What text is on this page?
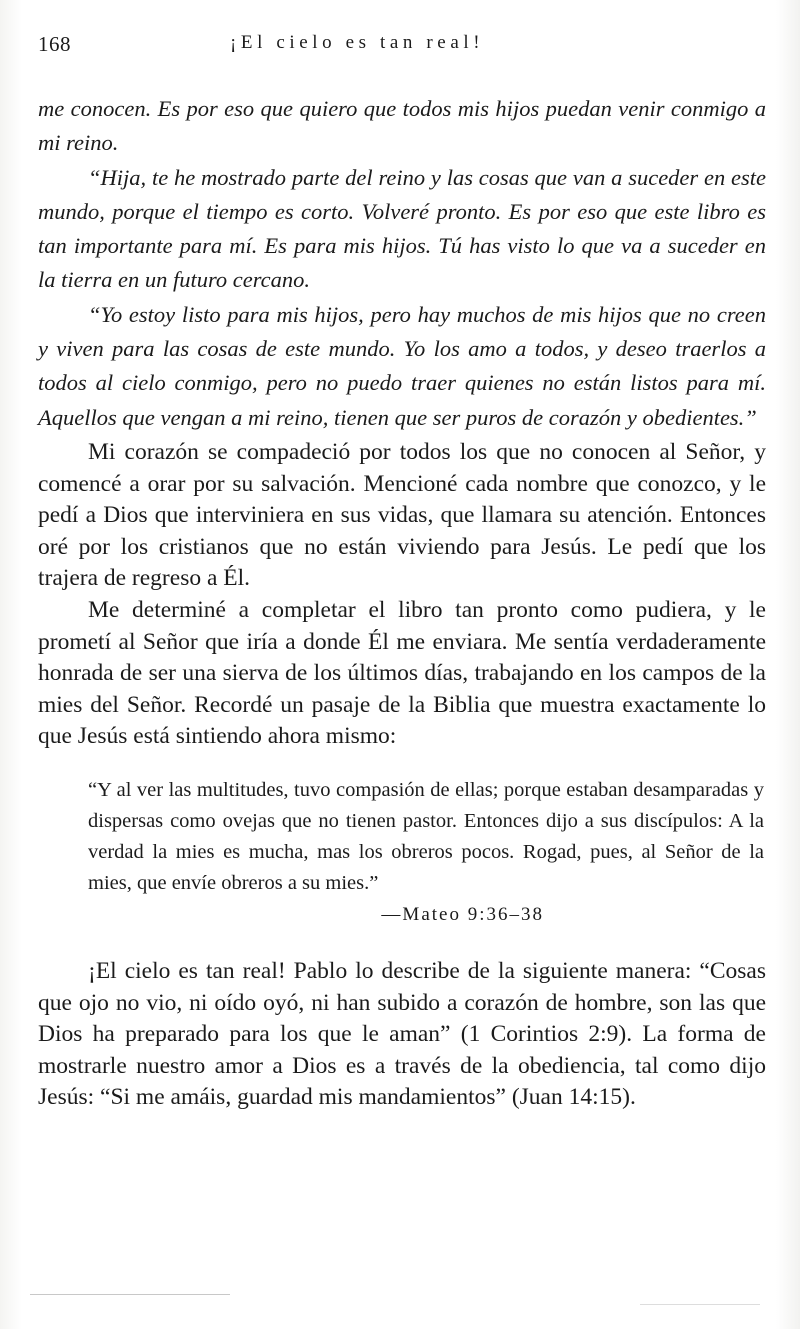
168	¡El cielo es tan real!

me conocen. Es por eso que quiero que todos mis hijos puedan venir conmigo a mi reino.

“Hija, te he mostrado parte del reino y las cosas que van a suceder en este mundo, porque el tiempo es corto. Volveré pronto. Es por eso que este libro es tan importante para mí. Es para mis hijos. Tú has visto lo que va a suceder en la tierra en un futuro cercano.

“Yo estoy listo para mis hijos, pero hay muchos de mis hijos que no creen y viven para las cosas de este mundo. Yo los amo a todos, y deseo traerlos a todos al cielo conmigo, pero no puedo traer quienes no están listos para mí. Aquellos que vengan a mi reino, tienen que ser puros de corazón y obedientes.”

Mi corazón se compadeció por todos los que no conocen al Señor, y comencé a orar por su salvación. Mencioné cada nombre que conozco, y le pedí a Dios que interviniera en sus vidas, que llamara su atención. Entonces oré por los cristianos que no están viviendo para Jesús. Le pedí que los trajera de regreso a Él.

Me determiné a completar el libro tan pronto como pudiera, y le prometí al Señor que iría a donde Él me enviara. Me sentía verdaderamente honrada de ser una sierva de los últimos días, trabajando en los campos de la mies del Señor. Recordé un pasaje de la Biblia que muestra exactamente lo que Jesús está sintiendo ahora mismo:

“Y al ver las multitudes, tuvo compasión de ellas; porque estaban desamparadas y dispersas como ovejas que no tienen pastor. Entonces dijo a sus discípulos: A la verdad la mies es mucha, mas los obreros pocos. Rogad, pues, al Señor de la mies, que envíe obreros a su mies.”

—Mateo 9:36–38

¡El cielo es tan real! Pablo lo describe de la siguiente manera: “Cosas que ojo no vio, ni oído oyó, ni han subido a corazón de hombre, son las que Dios ha preparado para los que le aman” (1 Corintios 2:9). La forma de mostrarle nuestro amor a Dios es a través de la obediencia, tal como dijo Jesús: “Si me amáis, guardad mis mandamientos” (Juan 14:15).
